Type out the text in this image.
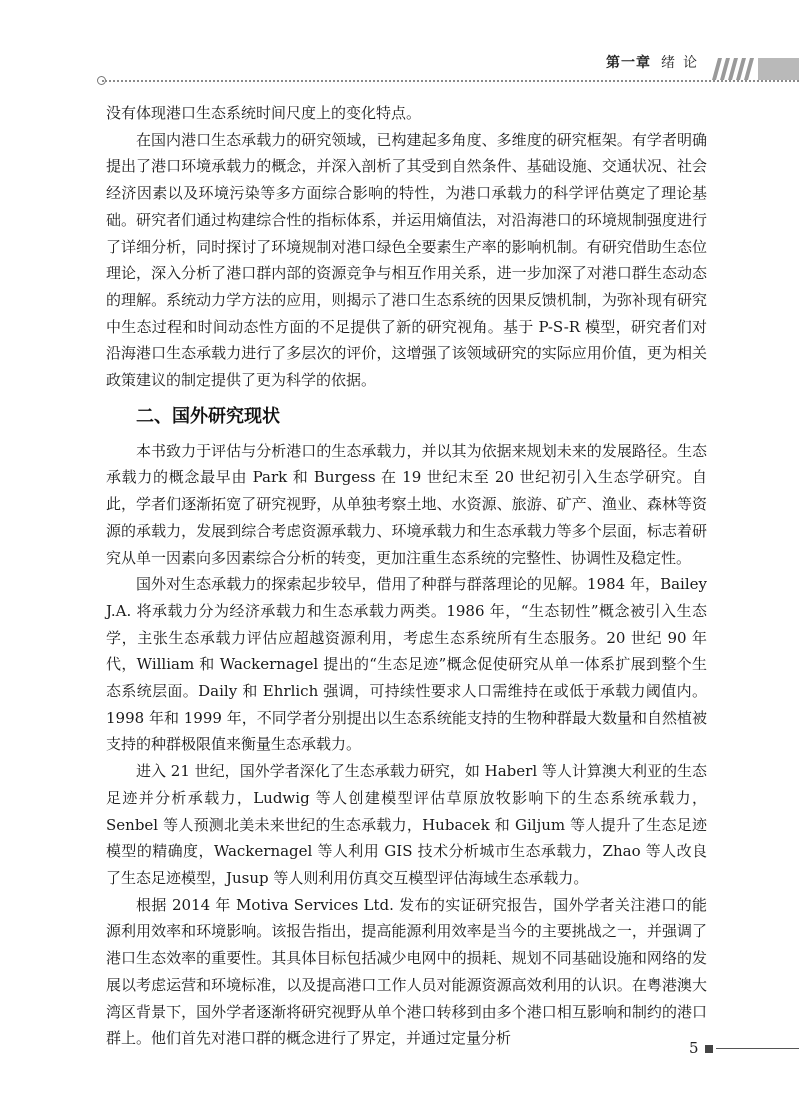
第一章 绪论

没有体现港口生态系统时间尺度上的变化特点。

在国内港口生态承载力的研究领域，已构建起多角度、多维度的研究框架。有学者明确提出了港口环境承载力的概念，并深入剖析了其受到自然条件、基础设施、交通状况、社会经济因素以及环境污染等多方面综合影响的特性，为港口承载力的科学评估奠定了理论基础。研究者们通过构建综合性的指标体系，并运用熵值法，对沿海港口的环境规制强度进行了详细分析，同时探讨了环境规制对港口绿色全要素生产率的影响机制。有研究借助生态位理论，深入分析了港口群内部的资源竞争与相互作用关系，进一步加深了对港口群生态动态的理解。系统动力学方法的应用，则揭示了港口生态系统的因果反馈机制，为弥补现有研究中生态过程和时间动态性方面的不足提供了新的研究视角。基于 P-S-R 模型，研究者们对沿海港口生态承载力进行了多层次的评价，这增强了该领域研究的实际应用价值，更为相关政策建议的制定提供了更为科学的依据。

二、国外研究现状

本书致力于评估与分析港口的生态承载力，并以其为依据来规划未来的发展路径。生态承载力的概念最早由 Park 和 Burgess 在 19 世纪末至 20 世纪初引入生态学研究。自此，学者们逐渐拓宽了研究视野，从单独考察土地、水资源、旅游、矿产、渔业、森林等资源的承载力，发展到综合考虑资源承载力、环境承载力和生态承载力等多个层面，标志着研究从单一因素向多因素综合分析的转变，更加注重生态系统的完整性、协调性及稳定性。

国外对生态承载力的探索起步较早，借用了种群与群落理论的见解。1984 年，Bailey J.A. 将承载力分为经济承载力和生态承载力两类。1986 年，“生态韧性”概念被引入生态学，主张生态承载力评估应超越资源利用，考虑生态系统所有生态服务。20 世纪 90 年代，William 和 Wackernagel 提出的“生态足迹”概念促使研究从单一体系扩展到整个生态系统层面。Daily 和 Ehrlich 强调，可持续性要求人口需维持在或低于承载力阈值内。1998 年和 1999 年，不同学者分别提出以生态系统能支持的生物种群最大数量和自然植被支持的种群极限值来衡量生态承载力。

进入 21 世纪，国外学者深化了生态承载力研究，如 Haberl 等人计算澳大利亚的生态足迹并分析承载力，Ludwig 等人创建模型评估草原放牧影响下的生态系统承载力，Senbel 等人预测北美未来世纪的生态承载力，Hubacek 和 Giljum 等人提升了生态足迹模型的精确度，Wackernagel 等人利用 GIS 技术分析城市生态承载力，Zhao 等人改良了生态足迹模型，Jusup 等人则利用仿真交互模型评估海域生态承载力。

根据 2014 年 Motiva Services Ltd. 发布的实证研究报告，国外学者关注港口的能源利用效率和环境影响。该报告指出，提高能源利用效率是当今的主要挑战之一，并强调了港口生态效率的重要性。其具体目标包括减少电网中的损耗、规划不同基础设施和网络的发展以考虑运营和环境标准，以及提高港口工作人员对能源资源高效利用的认识。在粤港澳大湾区背景下，国外学者逐渐将研究视野从单个港口转移到由多个港口相互影响和制约的港口群上。他们首先对港口群的概念进行了界定，并通过定量分析

5
